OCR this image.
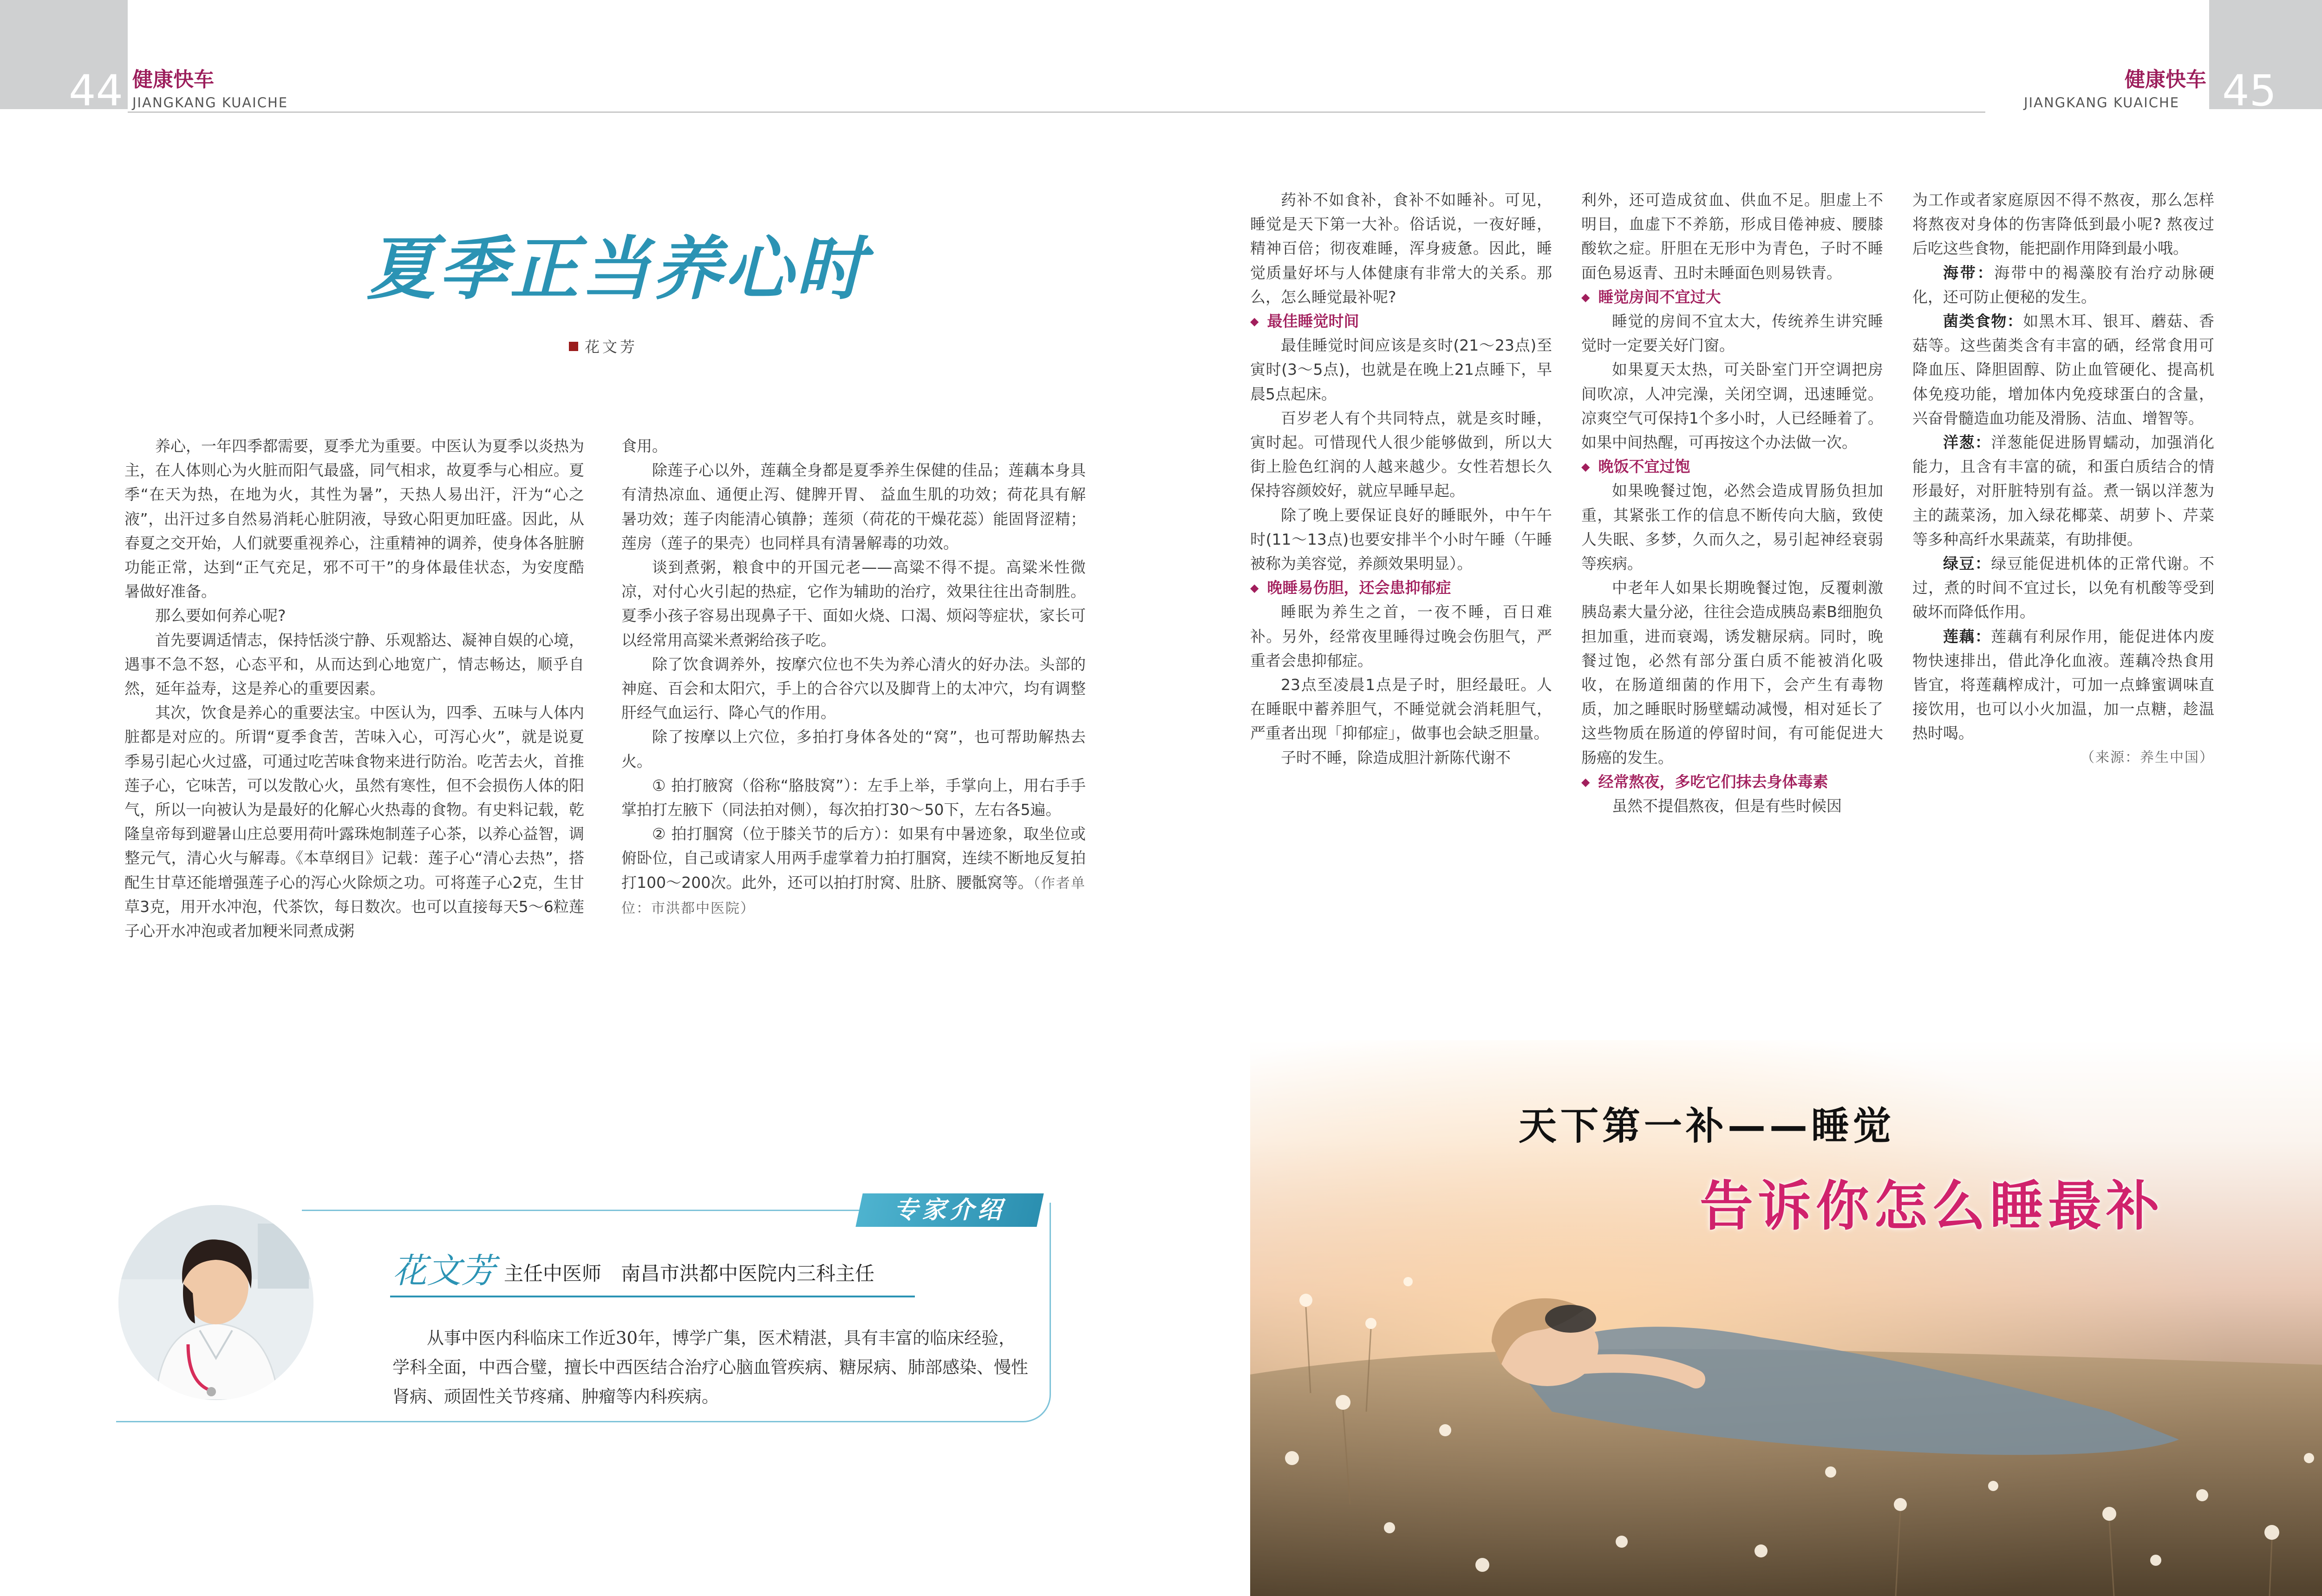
44 健康快车
JIANGKANG KUAICHE	45
健康快车
JIANGKANG KUAICHE
夏季正当养心时
花文芳

养心，一年四季都需要，夏季尤为重要。中医认为夏季以炎热为主，在人体则心为火脏而阳气最盛，同气相求，故夏季与心相应。夏季“在天为热，在地为火，其性为暑”，天热人易出汗，汗为“心之液”，出汗过多自然易消耗心脏阴液，导致心阳更加旺盛。因此，从春夏之交开始，人们就要重视养心，注重精神的调养，使身体各脏腑功能正常，达到“正气充足，邪不可干”的身体最佳状态，为安度酷暑做好准备。

那么要如何养心呢?

首先要调适情志，保持恬淡宁静、乐观豁达、凝神自娱的心境，遇事不急不怒，心态平和，从而达到心地宽广，情志畅达，顺乎自然，延年益寿，这是养心的重要因素。

其次，饮食是养心的重要法宝。中医认为，四季、五味与人体内脏都是对应的。所谓“夏季食苦，苦味入心，可泻心火”，就是说夏季易引起心火过盛，可通过吃苦味食物来进行防治。吃苦去火，首推莲子心，它味苦，可以发散心火，虽然有寒性，但不会损伤人体的阳气，所以一向被认为是最好的化解心火热毒的食物。有史料记载，乾隆皇帝每到避暑山庄总要用荷叶露珠炮制莲子心茶，以养心益智，调整元气，清心火与解毒。《本草纲目》记载：莲子心“清心去热”，搭配生甘草还能增强莲子心的泻心火除烦之功。可将莲子心2克，生甘草3克，用开水冲泡，代茶饮，每日数次。也可以直接每天5～6粒莲子心开水冲泡或者加粳米同煮成粥

食用。

除莲子心以外，莲藕全身都是夏季养生保健的佳品；莲藕本身具有清热凉血、通便止泻、健脾开胃、 益血生肌的功效；荷花具有解暑功效；莲子肉能清心镇静；莲须（荷花的干燥花蕊）能固肾涩精；莲房（莲子的果壳）也同样具有清暑解毒的功效。

谈到煮粥，粮食中的开国元老——高粱不得不提。高粱米性微凉，对付心火引起的热症，它作为辅助的治疗，效果往往出奇制胜。夏季小孩子容易出现鼻子干、面如火烧、口渴、烦闷等症状，家长可以经常用高粱米煮粥给孩子吃。

除了饮食调养外，按摩穴位也不失为养心清火的好办法。头部的神庭、百会和太阳穴，手上的合谷穴以及脚背上的太冲穴，均有调整肝经气血运行、降心气的作用。

除了按摩以上穴位，多拍打身体各处的“窝”，也可帮助解热去火。

① 拍打腋窝（俗称“胳肢窝”）：左手上举，手掌向上，用右手手掌拍打左腋下（同法拍对侧），每次拍打30～50下，左右各5遍。

② 拍打腘窝（位于膝关节的后方）：如果有中暑迹象，取坐位或俯卧位，自己或请家人用两手虚掌着力拍打腘窝，连续不断地反复拍打100～200次。此外，还可以拍打肘窝、肚脐、腰骶窝等。（作者单位：市洪都中医院）

专家介绍
花文芳 主任中医师　南昌市洪都中医院内三科主任
从事中医内科临床工作近30年，博学广集，医术精湛，具有丰富的临床经验，学科全面，中西合璧，擅长中西医结合治疗心脑血管疾病、糖尿病、肺部感染、慢性肾病、顽固性关节疼痛、肿瘤等内科疾病。

药补不如食补，食补不如睡补。可见，睡觉是天下第一大补。俗话说，一夜好睡，精神百倍；彻夜难睡，浑身疲惫。因此，睡觉质量好坏与人体健康有非常大的关系。那么，怎么睡觉最补呢?

◆ 最佳睡觉时间

最佳睡觉时间应该是亥时(21～23点)至寅时(3～5点)，也就是在晚上21点睡下，早晨5点起床。

百岁老人有个共同特点，就是亥时睡，寅时起。可惜现代人很少能够做到，所以大街上脸色红润的人越来越少。女性若想长久保持容颜姣好，就应早睡早起。

除了晚上要保证良好的睡眠外，中午午时(11～13点)也要安排半个小时午睡（午睡被称为美容觉，养颜效果明显）。

◆ 晚睡易伤胆，还会患抑郁症

睡眠为养生之首，一夜不睡，百日难补。另外，经常夜里睡得过晚会伤胆气，严重者会患抑郁症。

23点至凌晨1点是子时，胆经最旺。人在睡眠中蓄养胆气，不睡觉就会消耗胆气，严重者出现「抑郁症」，做事也会缺乏胆量。

子时不睡，除造成胆汁新陈代谢不

利外，还可造成贫血、供血不足。胆虚上不明目，血虚下不养筋，形成目倦神疲、腰膝酸软之症。肝胆在无形中为青色，子时不睡面色易返青、丑时未睡面色则易铁青。

◆ 睡觉房间不宜过大

睡觉的房间不宜太大，传统养生讲究睡觉时一定要关好门窗。

如果夏天太热，可关卧室门开空调把房间吹凉，人冲完澡，关闭空调，迅速睡觉。凉爽空气可保持1个多小时，人已经睡着了。如果中间热醒，可再按这个办法做一次。

◆ 晚饭不宜过饱

如果晚餐过饱，必然会造成胃肠负担加重，其紧张工作的信息不断传向大脑，致使人失眠、多梦，久而久之，易引起神经衰弱等疾病。

中老年人如果长期晚餐过饱，反覆刺激胰岛素大量分泌，往往会造成胰岛素B细胞负担加重，进而衰竭，诱发糖尿病。同时，晚餐过饱，必然有部分蛋白质不能被消化吸收，在肠道细菌的作用下，会产生有毒物质，加之睡眠时肠壁蠕动减慢，相对延长了这些物质在肠道的停留时间，有可能促进大肠癌的发生。

◆ 经常熬夜，多吃它们抹去身体毒素

虽然不提倡熬夜，但是有些时候因

为工作或者家庭原因不得不熬夜，那么怎样将熬夜对身体的伤害降低到最小呢? 熬夜过后吃这些食物，能把副作用降到最小哦。

海带：海带中的褐藻胶有治疗动脉硬化，还可防止便秘的发生。

菌类食物：如黑木耳、银耳、蘑菇、香菇等。这些菌类含有丰富的硒，经常食用可降血压、降胆固醇、防止血管硬化、提高机体免疫功能，增加体内免疫球蛋白的含量，兴奋骨髓造血功能及滑肠、洁血、增智等。

洋葱：洋葱能促进肠胃蠕动，加强消化能力，且含有丰富的硫，和蛋白质结合的情形最好，对肝脏特别有益。煮一锅以洋葱为主的蔬菜汤，加入绿花椰菜、胡萝卜、芹菜等多种高纤水果蔬菜，有助排便。

绿豆：绿豆能促进机体的正常代谢。不过，煮的时间不宜过长，以免有机酸等受到破坏而降低作用。

莲藕：莲藕有利尿作用，能促进体内废物快速排出，借此净化血液。莲藕冷热食用皆宜，将莲藕榨成汁，可加一点蜂蜜调味直接饮用，也可以小火加温，加一点糖，趁温热时喝。

（来源：养生中国）
天下第一补——睡觉
告诉你怎么睡最补
